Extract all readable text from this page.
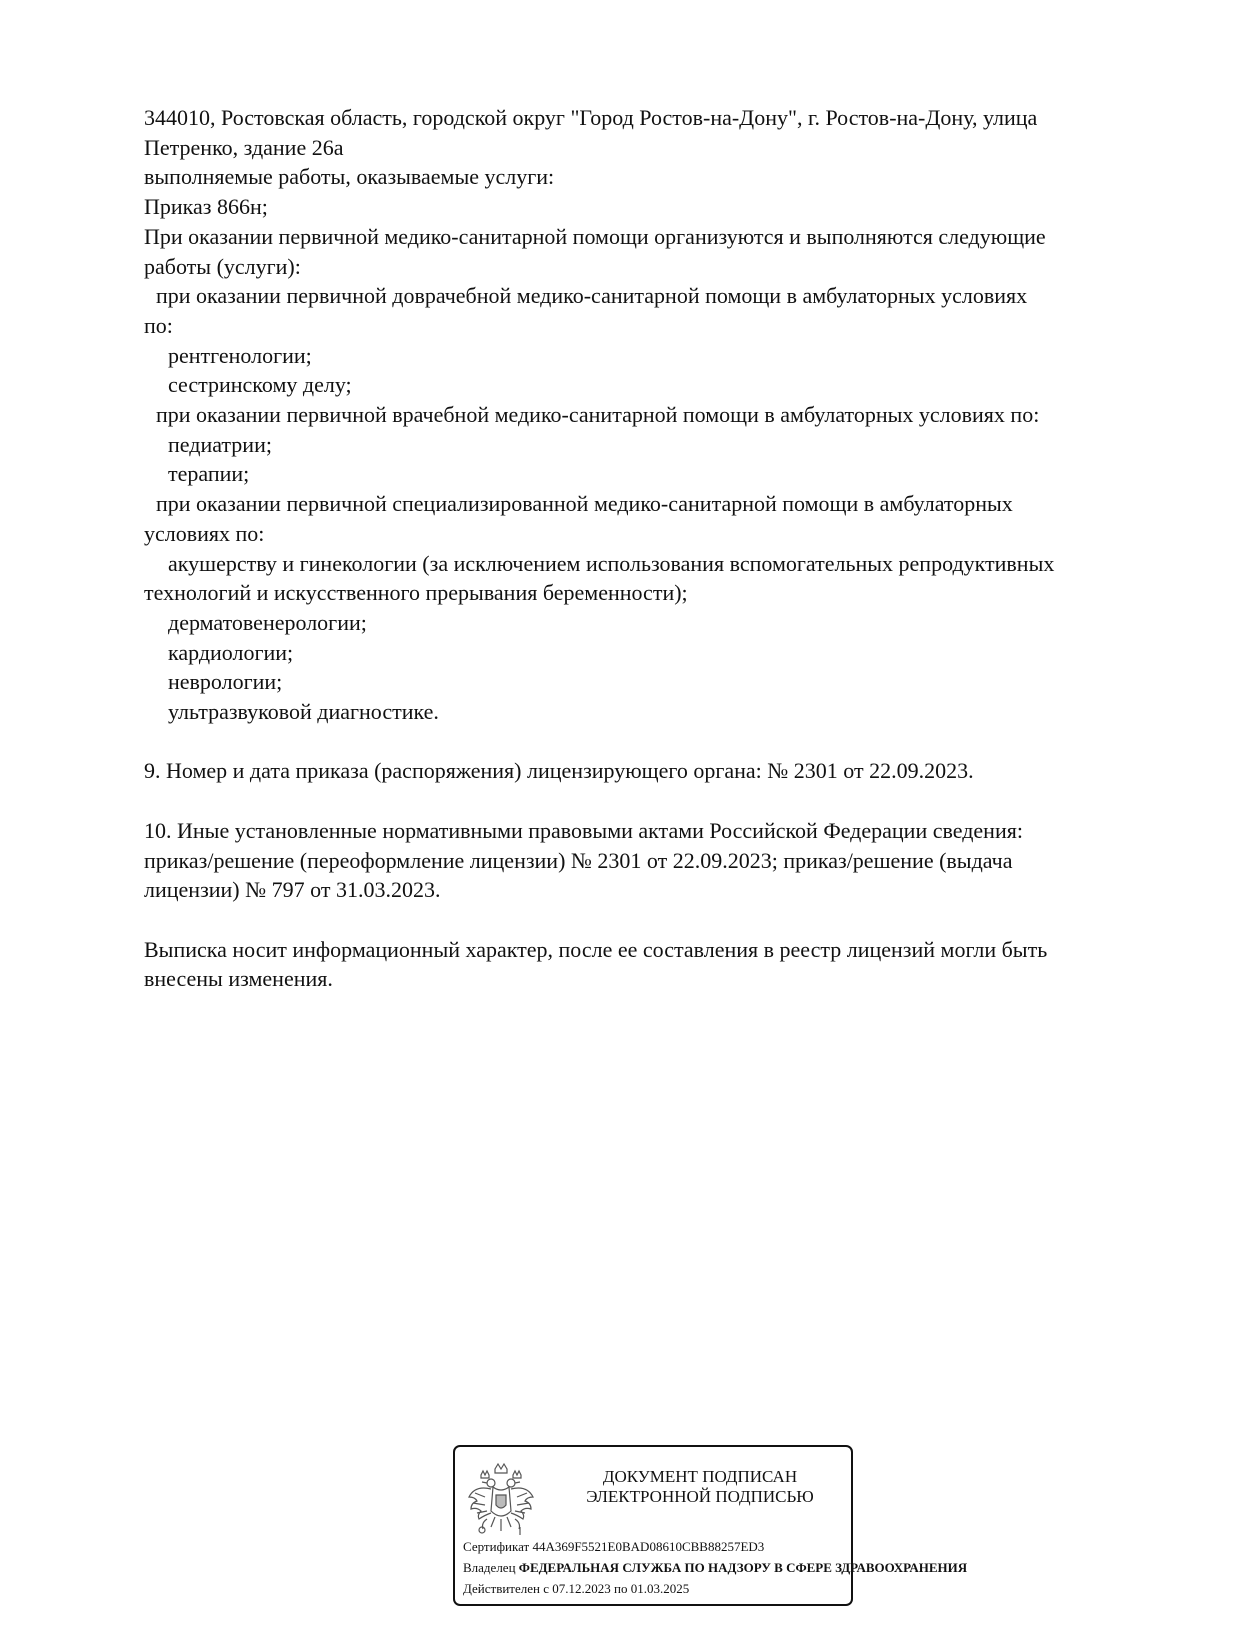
344010, Ростовская область, городской округ "Город Ростов-на-Дону", г. Ростов-на-Дону, улица
Петренко, здание 26а
выполняемые работы, оказываемые услуги:
Приказ 866н;
При оказании первичной медико-санитарной помощи организуются и выполняются следующие
работы (услуги):
при оказании первичной доврачебной медико-санитарной помощи в амбулаторных условиях
по:
рентгенологии;
сестринскому делу;
при оказании первичной врачебной медико-санитарной помощи в амбулаторных условиях по:
педиатрии;
терапии;
при оказании первичной специализированной медико-санитарной помощи в амбулаторных
условиях по:
акушерству и гинекологии (за исключением использования вспомогательных репродуктивных
технологий и искусственного прерывания беременности);
дерматовенерологии;
кардиологии;
неврологии;
ультразвуковой диагностике.
9. Номер и дата приказа (распоряжения) лицензирующего органа: № 2301 от 22.09.2023.
10. Иные установленные нормативными правовыми актами Российской Федерации сведения:
приказ/решение (переоформление лицензии) № 2301 от 22.09.2023; приказ/решение (выдача
лицензии) № 797 от 31.03.2023.
Выписка носит информационный характер, после ее составления в реестр лицензий могли быть
внесены изменения.
ДОКУМЕНТ ПОДПИСАН
ЭЛЕКТРОННОЙ ПОДПИСЬЮ
Сертификат 44A369F5521E0BAD08610CBB88257ED3
Владелец ФЕДЕРАЛЬНАЯ СЛУЖБА ПО НАДЗОРУ В СФЕРЕ ЗДРАВООХРАНЕНИЯ
Действителен с 07.12.2023 по 01.03.2025
